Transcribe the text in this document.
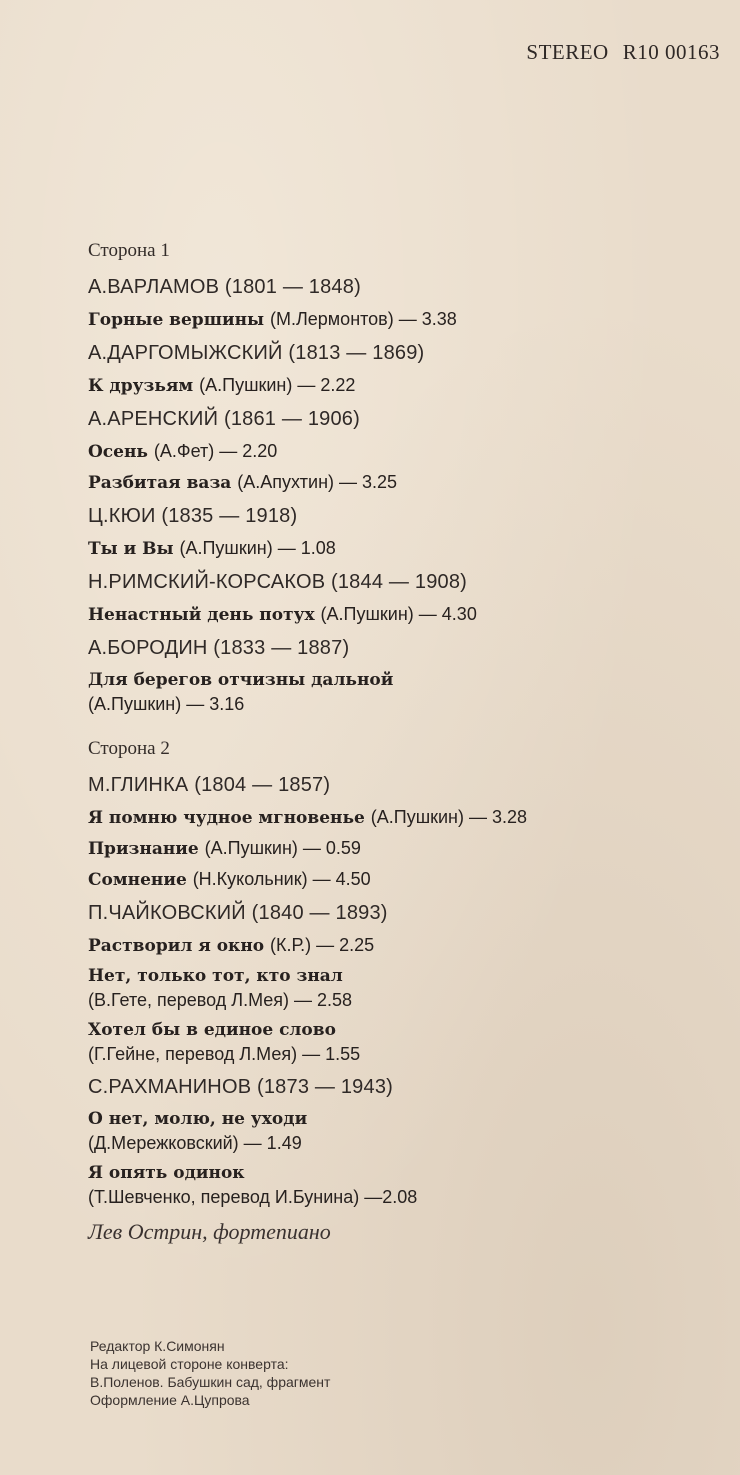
STEREO R10 00163
Сторона 1
А.ВАРЛАМОВ (1801 — 1848)
Горные вершины (М.Лермонтов) — 3.38
А.ДАРГОМЫЖСКИЙ (1813 — 1869)
К друзьям (А.Пушкин) — 2.22
А.АРЕНСКИЙ (1861 — 1906)
Осень (А.Фет) — 2.20
Разбитая ваза (А.Апухтин) — 3.25
Ц.КЮИ (1835 — 1918)
Ты и Вы (А.Пушкин) — 1.08
Н.РИМСКИЙ-КОРСАКОВ (1844 — 1908)
Ненастный день потух (А.Пушкин) — 4.30
А.БОРОДИН (1833 — 1887)
Для берегов отчизны дальной
(А.Пушкин) — 3.16
Сторона 2
М.ГЛИНКА (1804 — 1857)
Я помню чудное мгновенье (А.Пушкин) — 3.28
Признание (А.Пушкин) — 0.59
Сомнение (Н.Кукольник) — 4.50
П.ЧАЙКОВСКИЙ (1840 — 1893)
Растворил я окно (К.Р.) — 2.25
Нет, только тот, кто знал
(В.Гете, перевод Л.Мея) — 2.58
Хотел бы в единое слово
(Г.Гейне, перевод Л.Мея) — 1.55
С.РАХМАНИНОВ (1873 — 1943)
О нет, молю, не уходи
(Д.Мережковский) — 1.49
Я опять одинок
(Т.Шевченко, перевод И.Бунина) —2.08
Лев Острин, фортепиано
Редактор К.Симонян
На лицевой стороне конверта:
В.Поленов. Бабушкин сад, фрагмент
Оформление А.Цупрова
